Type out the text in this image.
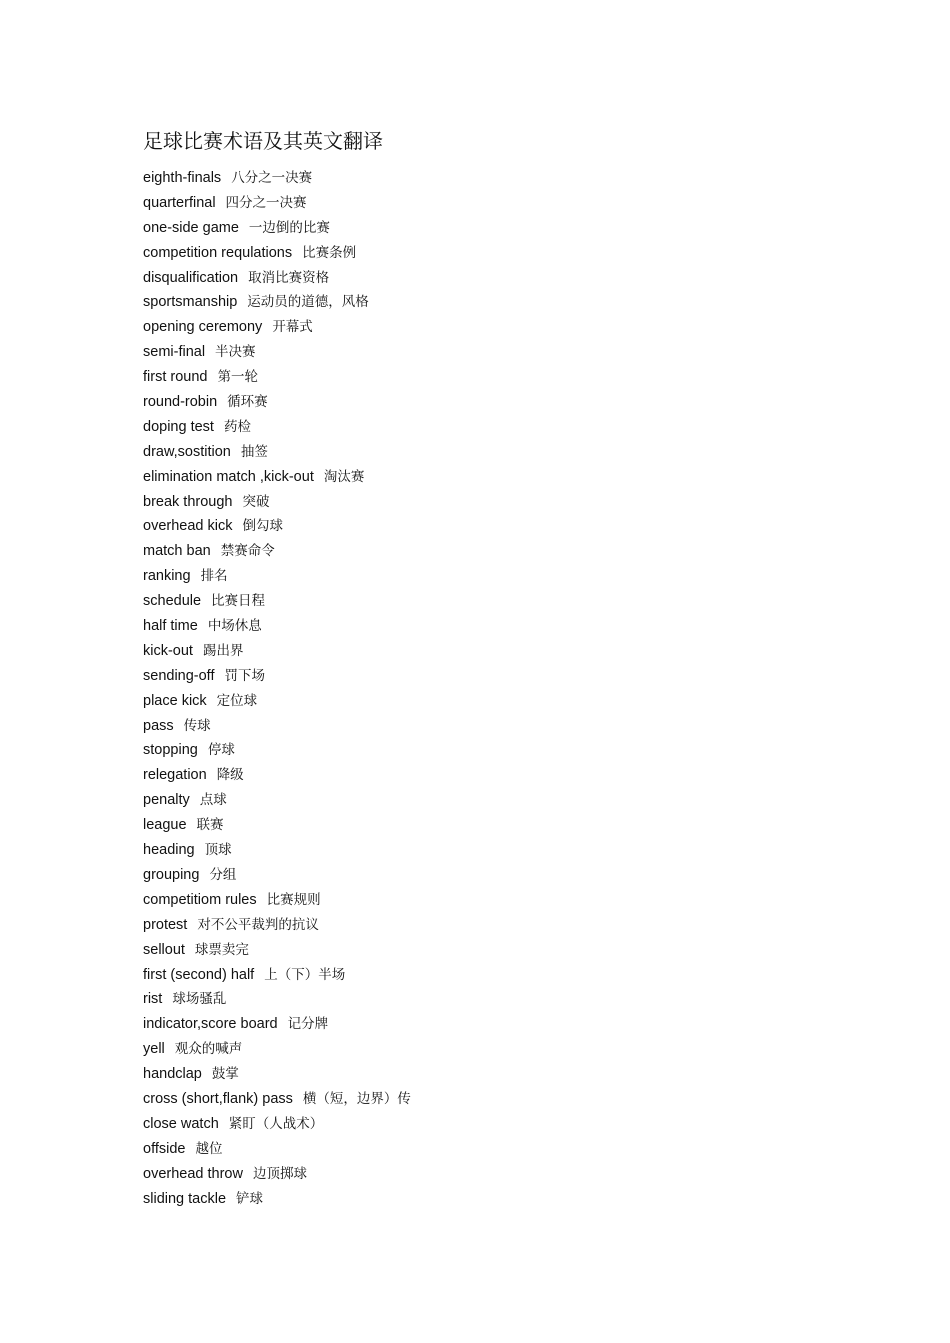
足球比赛术语及其英文翻译
eighth-finals 八分之一决赛
quarterfinal 四分之一决赛
one-side game 一边倒的比赛
competition requlations 比赛条例
disqualification 取消比赛资格
sportsmanship 运动员的道德，风格
opening ceremony 开幕式
semi-final 半决赛
first round 第一轮
round-robin 循环赛
doping test 药检
draw,sostition 抽签
elimination match ,kick-out 淘汰赛
break through 突破
overhead kick 倒勾球
match ban 禁赛命令
ranking 排名
schedule 比赛日程
half time 中场休息
kick-out 踢出界
sending-off 罚下场
place kick 定位球
pass 传球
stopping 停球
relegation 降级
penalty 点球
league 联赛
heading 顶球
grouping 分组
competitiom rules 比赛规则
protest 对不公平裁判的抗议
sellout 球票卖完
first (second) half 上（下）半场
rist 球场骚乱
indicator,score board 记分牌
yell 观众的喊声
handclap 鼓掌
cross (short,flank) pass 横（短，边界）传
close watch 紧盯（人战术）
offside 越位
overhead throw 边顶掷球
sliding tackle 铲球
